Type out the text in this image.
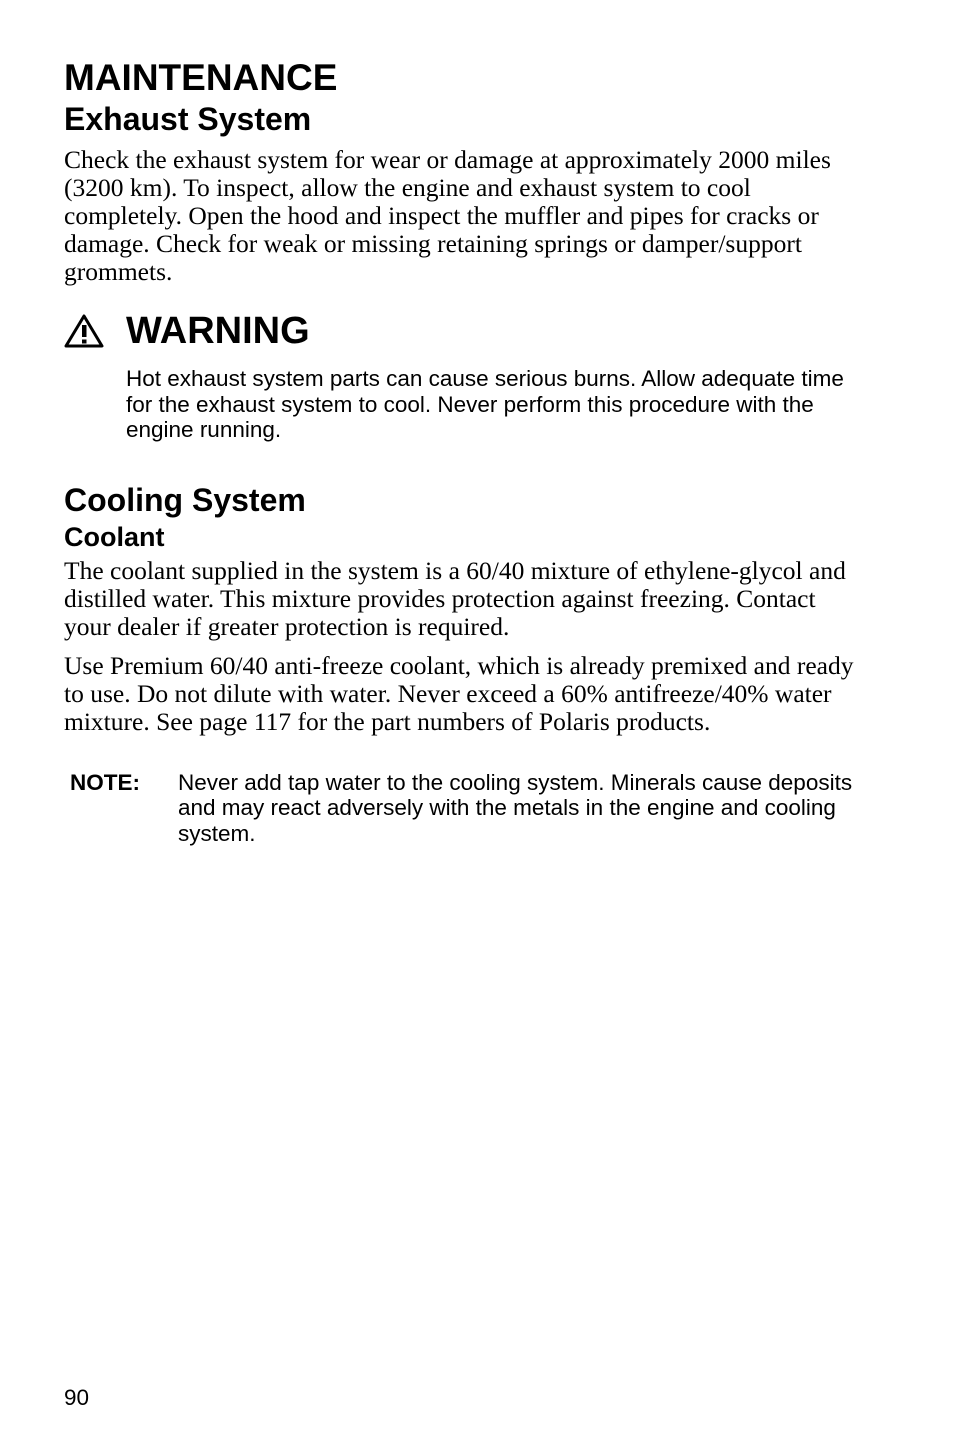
MAINTENANCE
Exhaust System

Check the exhaust system for wear or damage at approximately 2000 miles (3200 km). To inspect, allow the engine and exhaust system to cool completely. Open the hood and inspect the muffler and pipes for cracks or damage. Check for weak or missing retaining springs or damper/support grommets.

WARNING

Hot exhaust system parts can cause serious burns. Allow adequate time for the exhaust system to cool. Never perform this procedure with the engine running.

Cooling System
Coolant

The coolant supplied in the system is a 60/40 mixture of ethylene-glycol and distilled water. This mixture provides protection against freezing. Contact your dealer if greater protection is required.

Use Premium 60/40 anti-freeze coolant, which is already premixed and ready to use. Do not dilute with water. Never exceed a 60% antifreeze/40% water mixture. See page 117 for the part numbers of Polaris products.

NOTE:	Never add tap water to the cooling system. Minerals cause deposits and may react adversely with the metals in the engine and cooling system.
90
